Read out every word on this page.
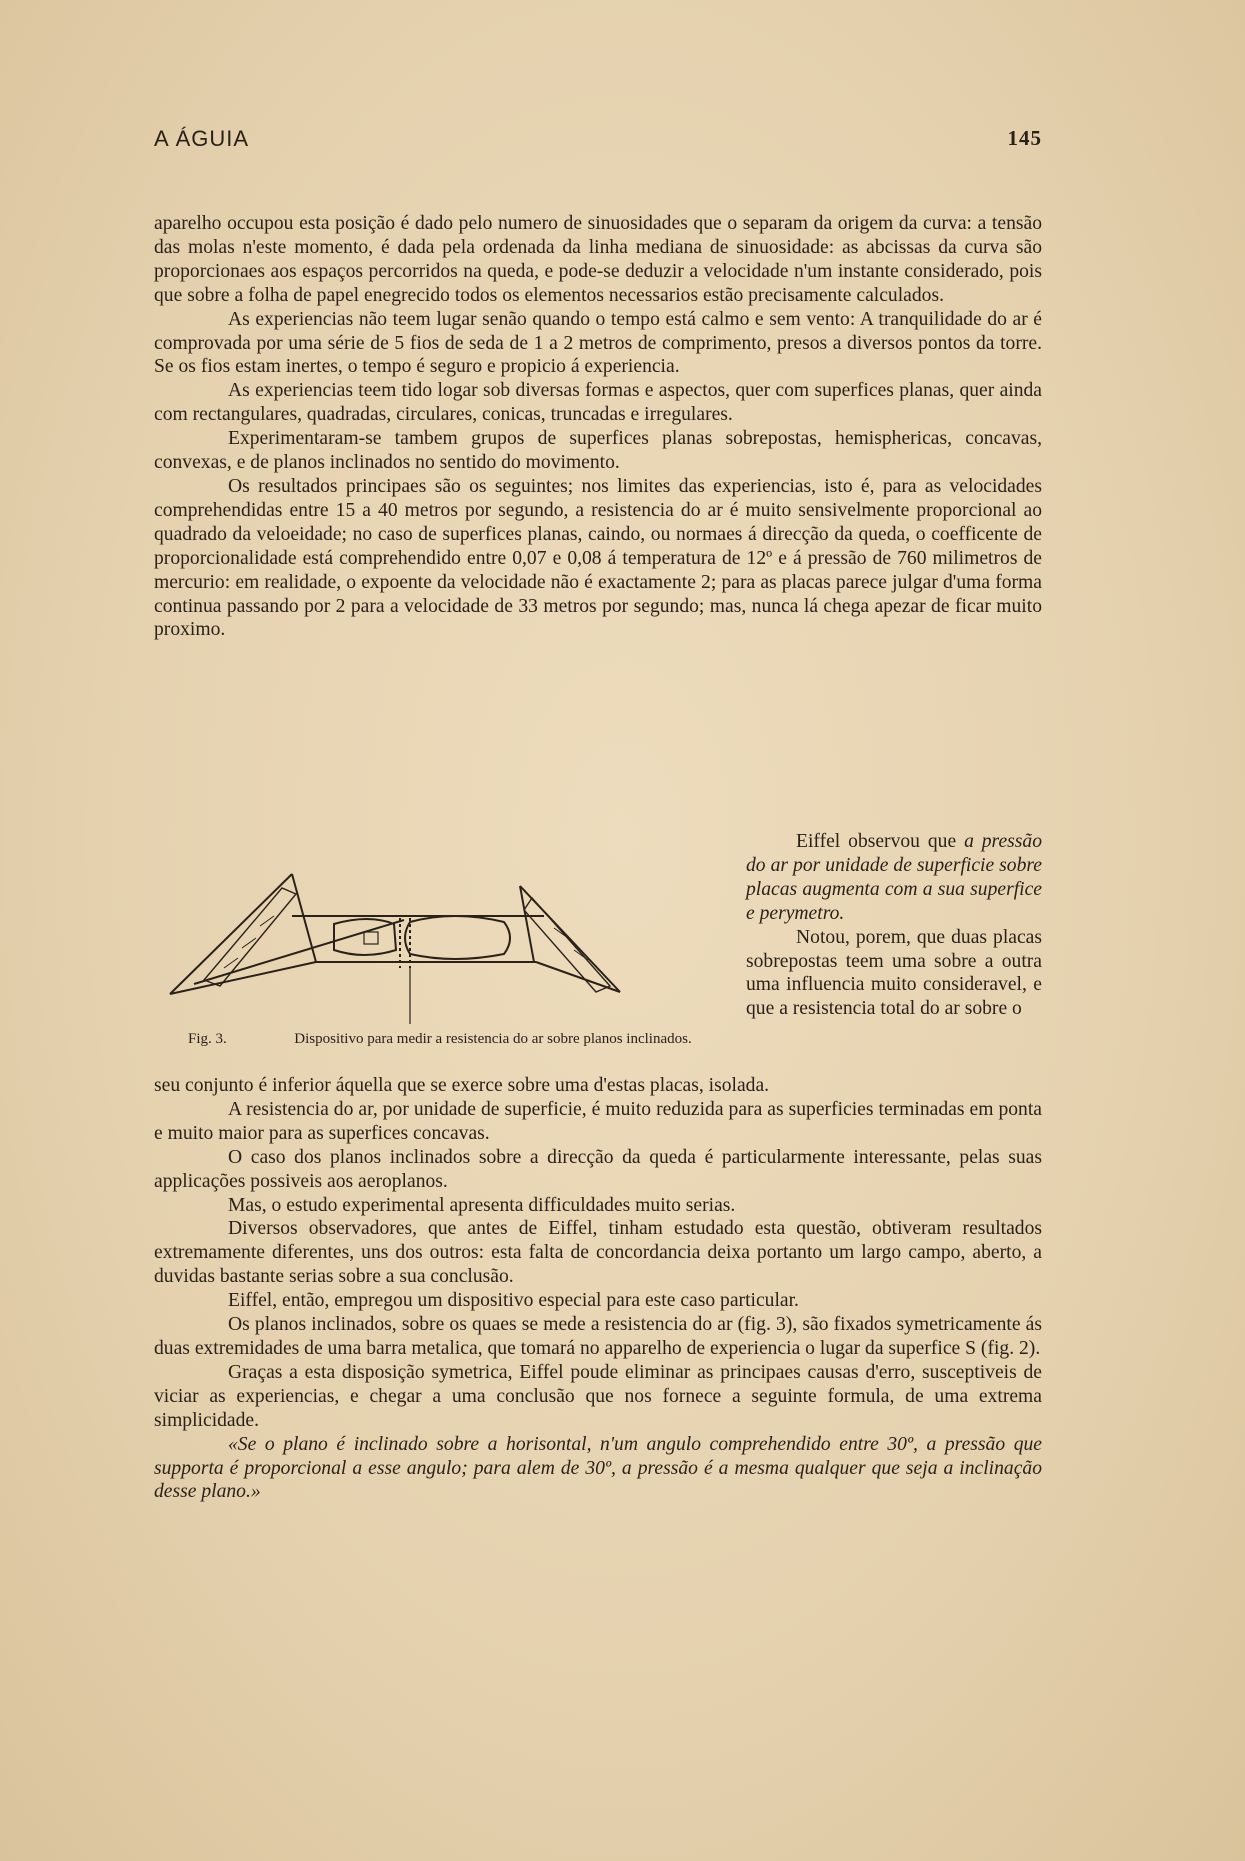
A ÁGUIA	145

aparelho occupou esta posição é dado pelo numero de sinuosidades que o separam da origem da curva: a tensão das molas n'este momento, é dada pela ordenada da linha mediana de sinuosidade: as abcissas da curva são proporcionaes aos espaços percorridos na queda, e pode-se deduzir a velocidade n'um instante considerado, pois que sobre a folha de papel enegrecido todos os elementos necessarios estão precisamente calculados.

As experiencias não teem lugar senão quando o tempo está calmo e sem vento: A tranquilidade do ar é comprovada por uma série de 5 fios de seda de 1 a 2 metros de comprimento, presos a diversos pontos da torre. Se os fios estam inertes, o tempo é seguro e propicio á experiencia.

As experiencias teem tido logar sob diversas formas e aspectos, quer com superfices planas, quer ainda com rectangulares, quadradas, circulares, conicas, truncadas e irregulares.

Experimentaram-se tambem grupos de superfices planas sobrepostas, hemisphericas, concavas, convexas, e de planos inclinados no sentido do movimento.

Os resultados principaes são os seguintes; nos limites das experiencias, isto é, para as velocidades comprehendidas entre 15 a 40 metros por segundo, a resistencia do ar é muito sensivelmente proporcional ao quadrado da veloeidade; no caso de superfices planas, caindo, ou normaes á direcção da queda, o coefficente de proporcionalidade está comprehendido entre 0,07 e 0,08 á temperatura de 12º e á pressão de 760 milimetros de mercurio: em realidade, o expoente da velocidade não é exactamente 2; para as placas parece julgar d'uma forma continua passando por 2 para a velocidade de 33 metros por segundo; mas, nunca lá chega apezar de ficar muito proximo.

Fig. 3.	Dispositivo para medir a resistencia do ar sobre planos inclinados.

Eiffel observou que a pressão do ar por unidade de superficie sobre placas augmenta com a sua superfice e perymetro.

Notou, porem, que duas placas sobrepostas teem uma sobre a outra uma influencia muito consideravel, e que a resistencia total do ar sobre o

seu conjunto é inferior áquella que se exerce sobre uma d'estas placas, isolada.

A resistencia do ar, por unidade de superficie, é muito reduzida para as superficies terminadas em ponta e muito maior para as superfices concavas.

O caso dos planos inclinados sobre a direcção da queda é particularmente interessante, pelas suas applicações possiveis aos aeroplanos.

Mas, o estudo experimental apresenta difficuldades muito serias.

Diversos observadores, que antes de Eiffel, tinham estudado esta questão, obtiveram resultados extremamente diferentes, uns dos outros: esta falta de concordancia deixa portanto um largo campo, aberto, a duvidas bastante serias sobre a sua conclusão.

Eiffel, então, empregou um dispositivo especial para este caso particular.

Os planos inclinados, sobre os quaes se mede a resistencia do ar (fig. 3), são fixados symetricamente ás duas extremidades de uma barra metalica, que tomará no apparelho de experiencia o lugar da superfice S (fig. 2).

Graças a esta disposição symetrica, Eiffel poude eliminar as principaes causas d'erro, susceptiveis de viciar as experiencias, e chegar a uma conclusão que nos fornece a seguinte formula, de uma extrema simplicidade.

«Se o plano é inclinado sobre a horisontal, n'um angulo comprehendido entre 30º, a pressão que supporta é proporcional a esse angulo; para alem de 30º, a pressão é a mesma qualquer que seja a inclinação desse plano.»
